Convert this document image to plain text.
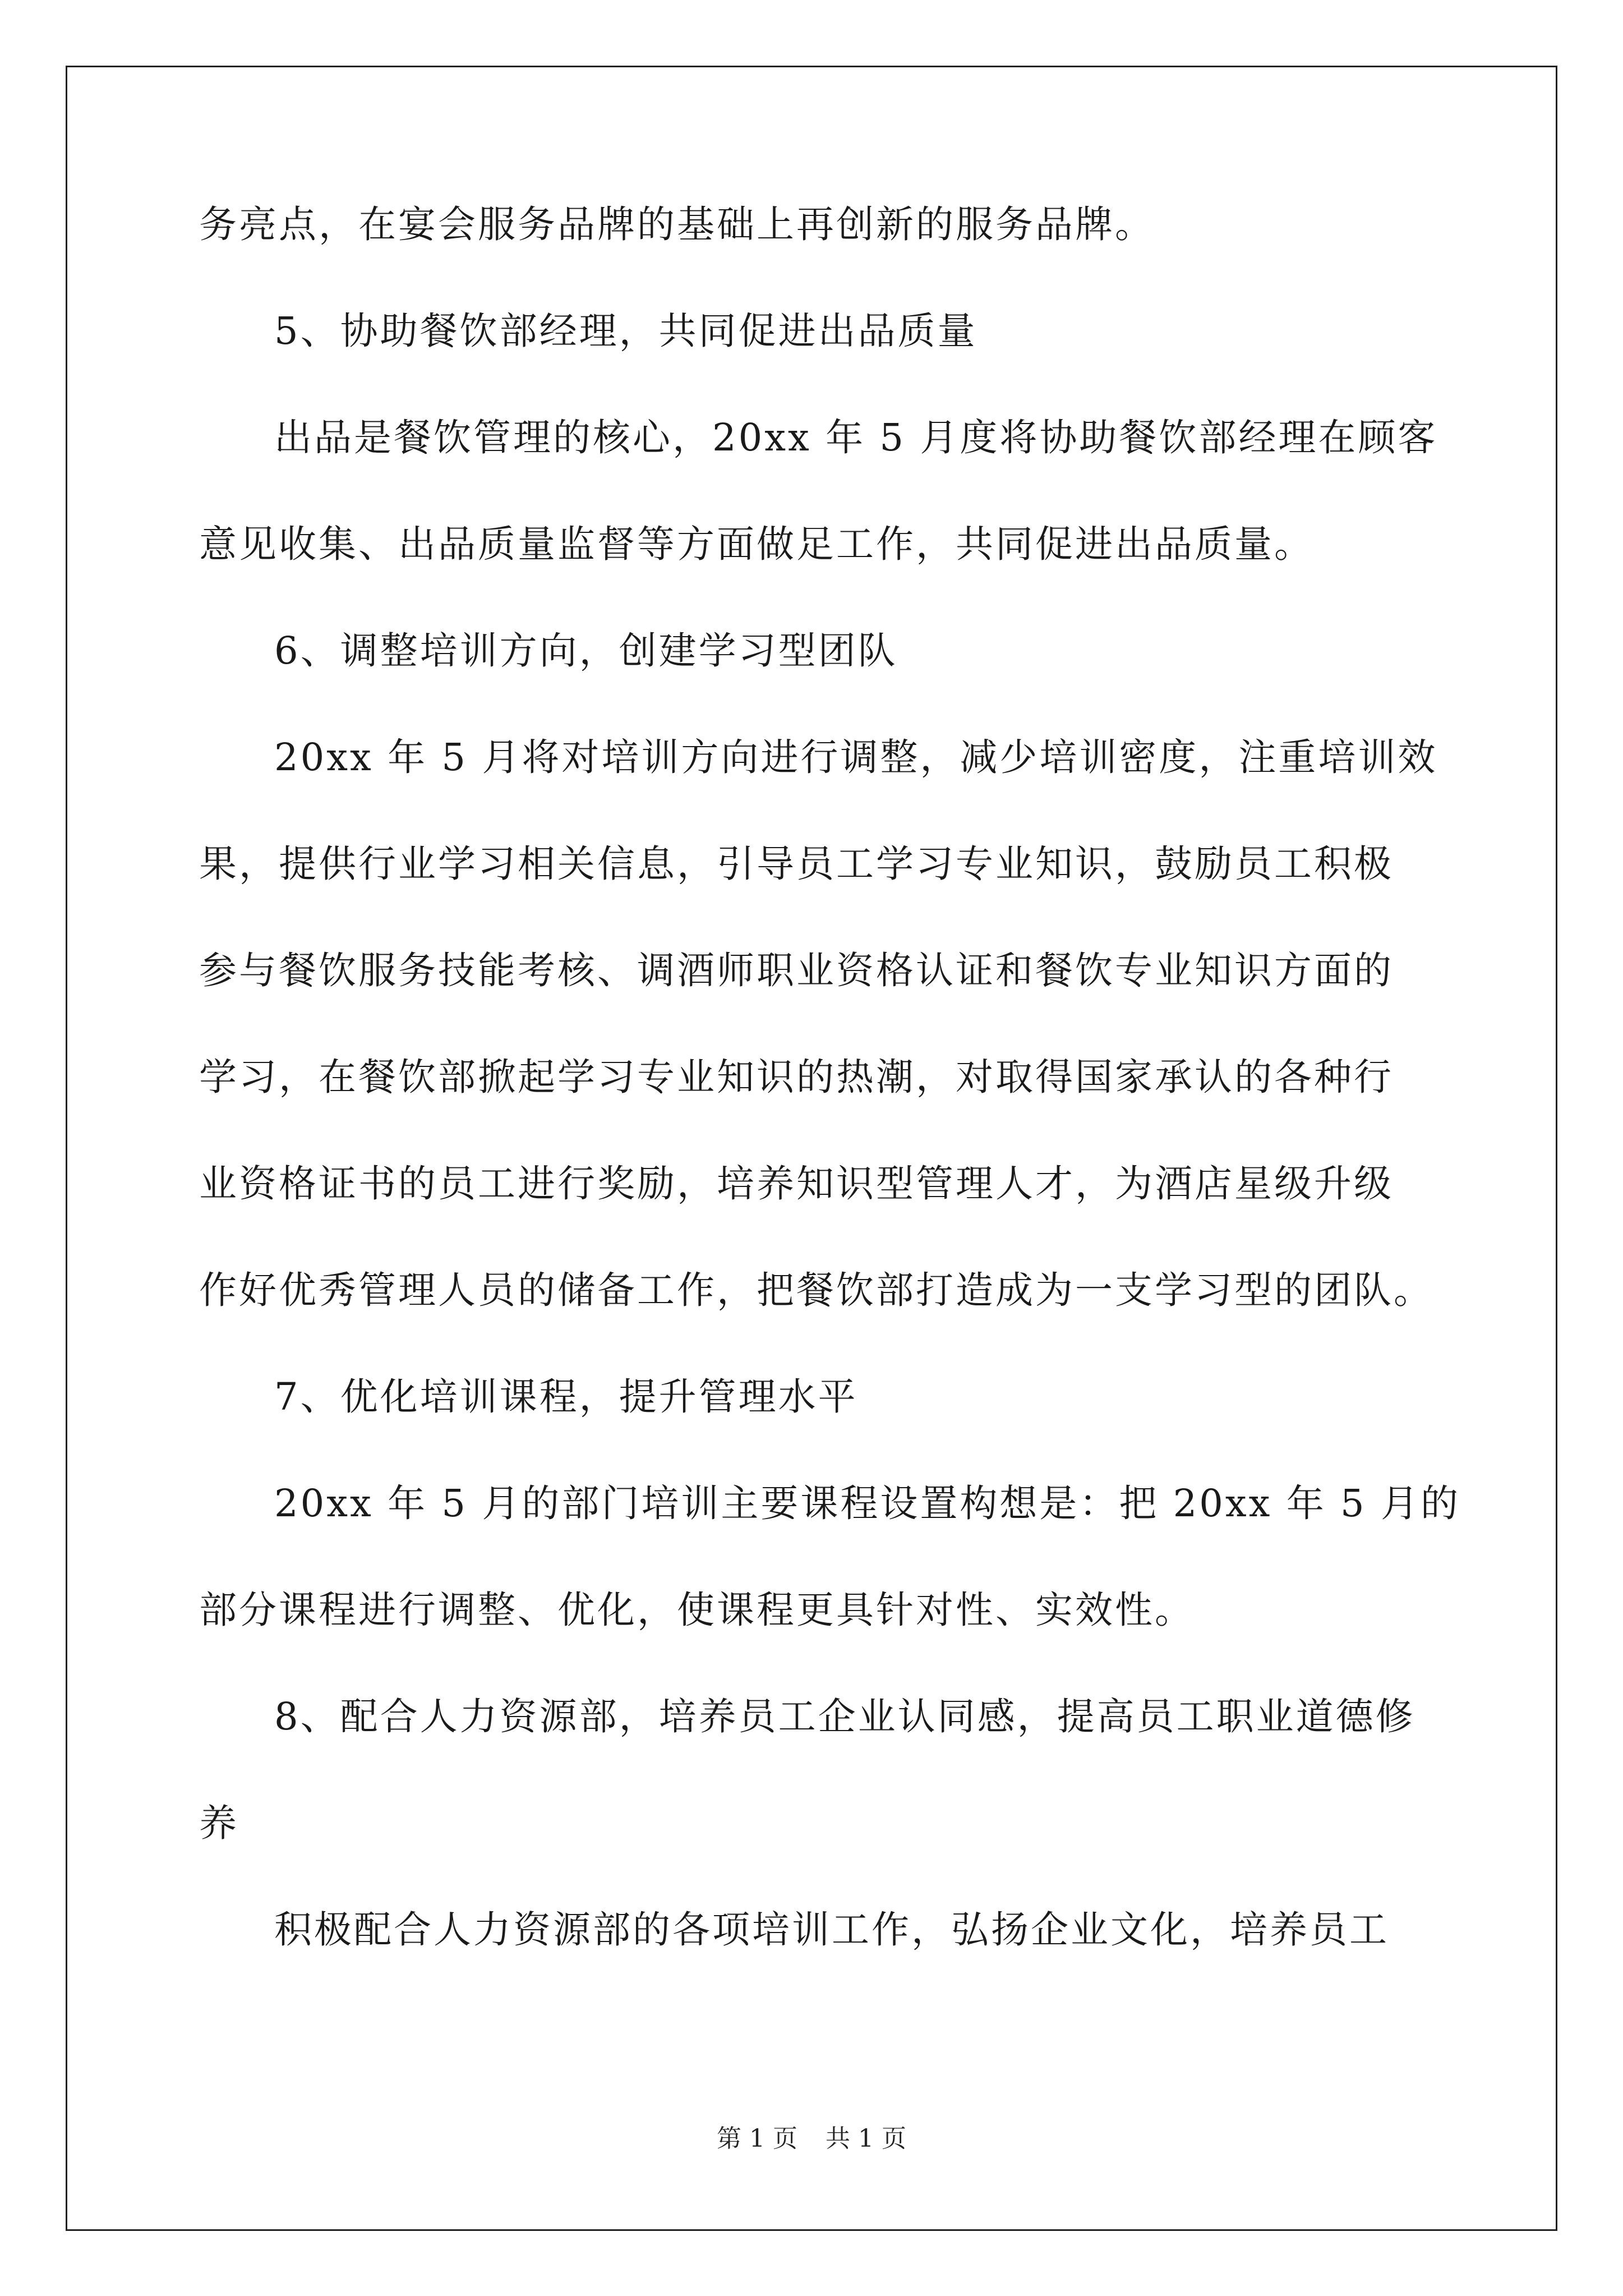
务亮点，在宴会服务品牌的基础上再创新的服务品牌。
5、协助餐饮部经理，共同促进出品质量
出品是餐饮管理的核心，20xx 年 5 月度将协助餐饮部经理在顾客
意见收集、出品质量监督等方面做足工作，共同促进出品质量。
6、调整培训方向，创建学习型团队
20xx 年 5 月将对培训方向进行调整，减少培训密度，注重培训效
果，提供行业学习相关信息，引导员工学习专业知识，鼓励员工积极
参与餐饮服务技能考核、调酒师职业资格认证和餐饮专业知识方面的
学习，在餐饮部掀起学习专业知识的热潮，对取得国家承认的各种行
业资格证书的员工进行奖励，培养知识型管理人才，为酒店星级升级
作好优秀管理人员的储备工作，把餐饮部打造成为一支学习型的团队。
7、优化培训课程，提升管理水平
20xx 年 5 月的部门培训主要课程设置构想是：把 20xx 年 5 月的
部分课程进行调整、优化，使课程更具针对性、实效性。
8、配合人力资源部，培养员工企业认同感，提高员工职业道德修
养
积极配合人力资源部的各项培训工作，弘扬企业文化，培养员工
第 1 页 共 1 页
